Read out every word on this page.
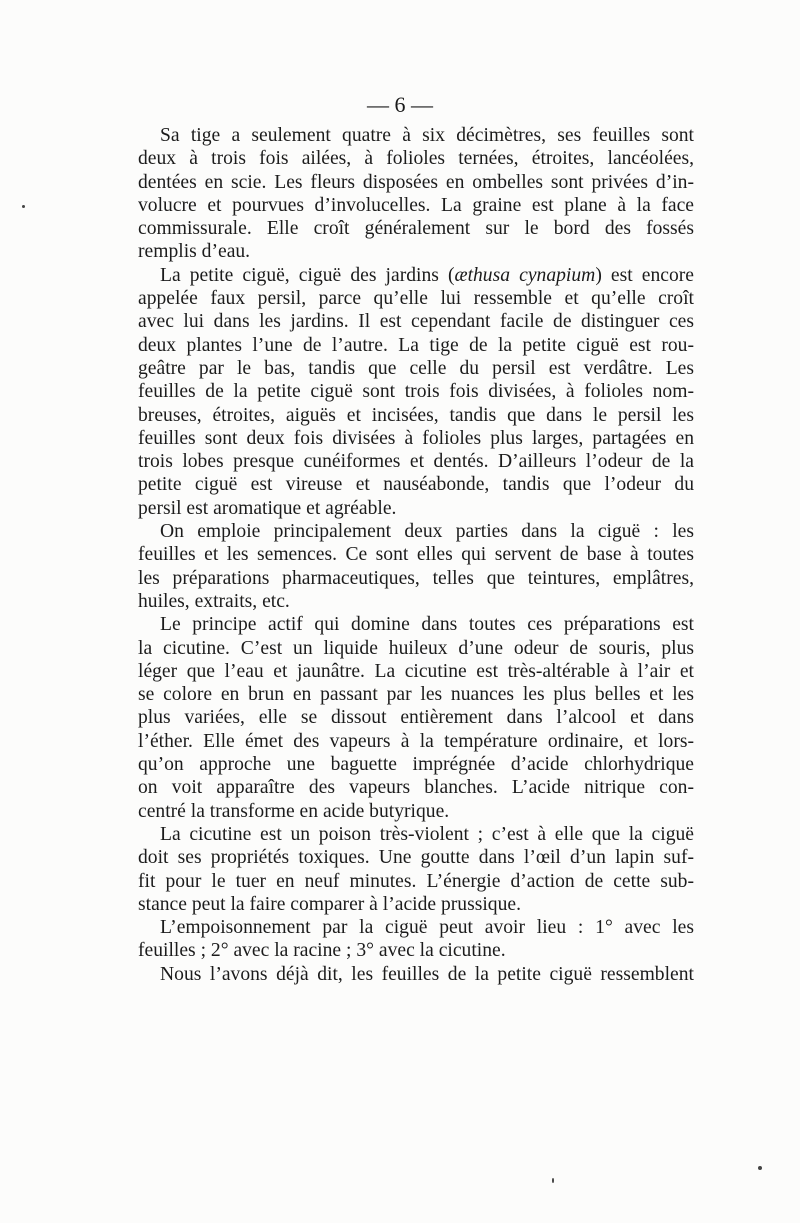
— 6 —
Sa tige a seulement quatre à six décimètres, ses feuilles sont
deux à trois fois ailées, à folioles ternées, étroites, lancéolées,
dentées en scie. Les fleurs disposées en ombelles sont privées d’in-
volucre et pourvues d’involucelles. La graine est plane à la face
commissurale. Elle croît généralement sur le bord des fossés
remplis d’eau.
La petite ciguë, ciguë des jardins (æthusa cynapium) est encore
appelée faux persil, parce qu’elle lui ressemble et qu’elle croît
avec lui dans les jardins. Il est cependant facile de distinguer ces
deux plantes l’une de l’autre. La tige de la petite ciguë est rou-
geâtre par le bas, tandis que celle du persil est verdâtre. Les
feuilles de la petite ciguë sont trois fois divisées, à folioles nom-
breuses, étroites, aiguës et incisées, tandis que dans le persil les
feuilles sont deux fois divisées à folioles plus larges, partagées en
trois lobes presque cunéiformes et dentés. D’ailleurs l’odeur de la
petite ciguë est vireuse et nauséabonde, tandis que l’odeur du
persil est aromatique et agréable.
On emploie principalement deux parties dans la ciguë : les
feuilles et les semences. Ce sont elles qui servent de base à toutes
les préparations pharmaceutiques, telles que teintures, emplâtres,
huiles, extraits, etc.
Le principe actif qui domine dans toutes ces préparations est
la cicutine. C’est un liquide huileux d’une odeur de souris, plus
léger que l’eau et jaunâtre. La cicutine est très-altérable à l’air et
se colore en brun en passant par les nuances les plus belles et les
plus variées, elle se dissout entièrement dans l’alcool et dans
l’éther. Elle émet des vapeurs à la température ordinaire, et lors-
qu’on approche une baguette imprégnée d’acide chlorhydrique
on voit apparaître des vapeurs blanches. L’acide nitrique con-
centré la transforme en acide butyrique.
La cicutine est un poison très-violent ; c’est à elle que la ciguë
doit ses propriétés toxiques. Une goutte dans l’œil d’un lapin suf-
fit pour le tuer en neuf minutes. L’énergie d’action de cette sub-
stance peut la faire comparer à l’acide prussique.
L’empoisonnement par la ciguë peut avoir lieu : 1° avec les
feuilles ; 2° avec la racine ; 3° avec la cicutine.
Nous l’avons déjà dit, les feuilles de la petite ciguë ressemblent
